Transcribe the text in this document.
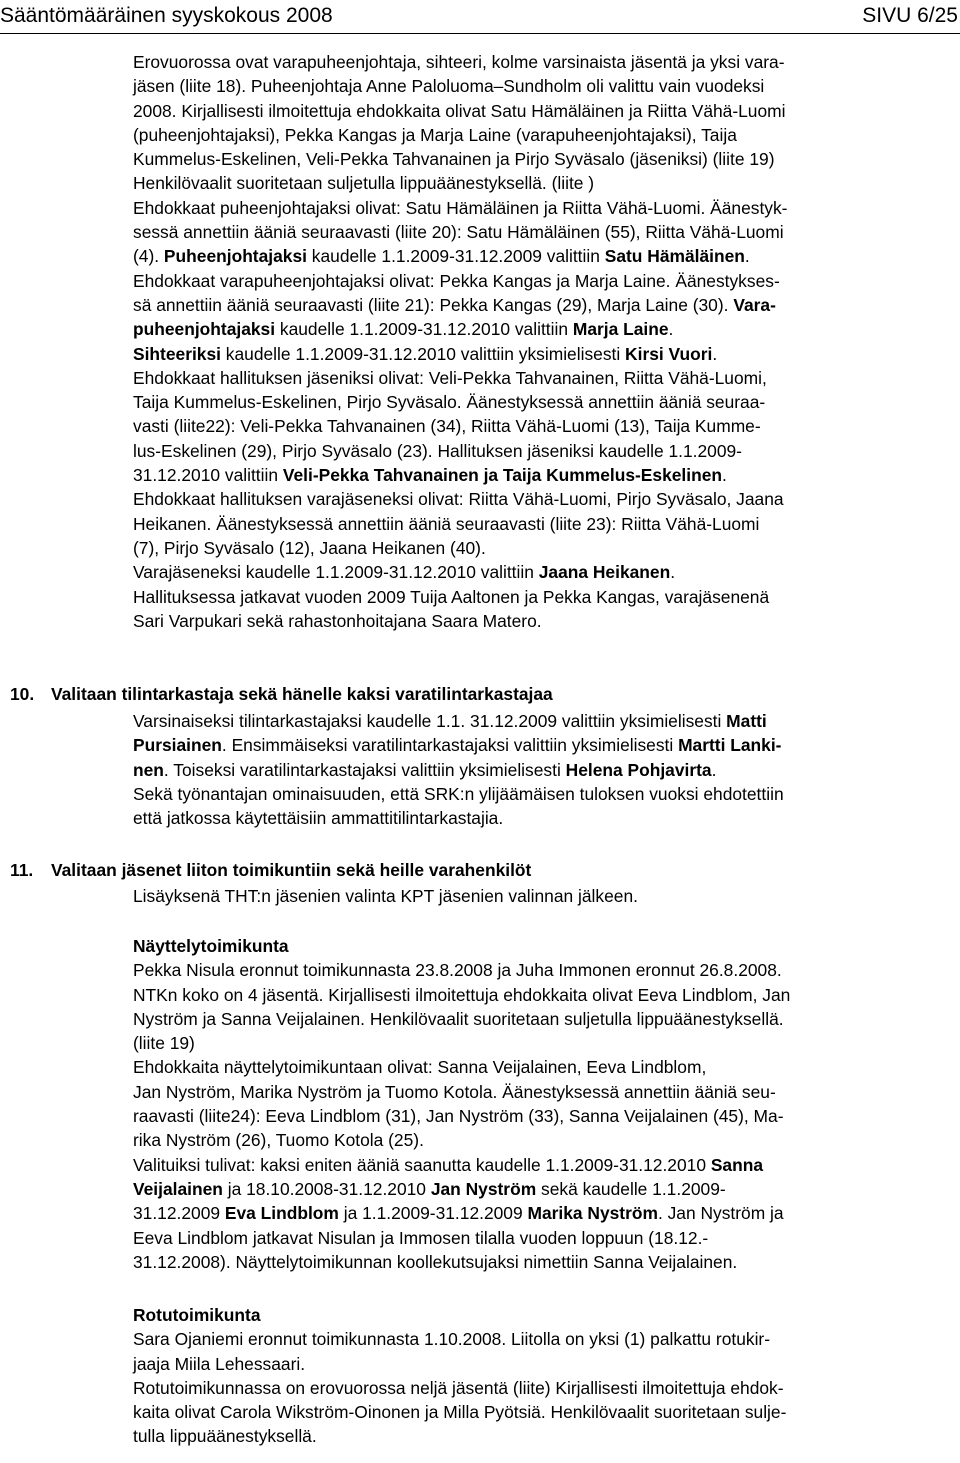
Sääntömääräinen syyskokous 2008	SIVU 6/25
Erovuorossa ovat varapuheenjohtaja, sihteeri, kolme varsinaista jäsentä ja yksi vara-
jäsen (liite 18). Puheenjohtaja Anne Paloluoma–Sundholm oli valittu vain vuodeksi
2008. Kirjallisesti ilmoitettuja ehdokkaita olivat Satu Hämäläinen ja Riitta Vähä-Luomi
(puheenjohtajaksi), Pekka Kangas ja Marja Laine (varapuheenjohtajaksi), Taija
Kummelus-Eskelinen, Veli-Pekka Tahvanainen ja Pirjo Syväsalo (jäseniksi) (liite 19)
Henkilövaalit suoritetaan suljetulla lippuäänestyksellä. (liite )
Ehdokkaat puheenjohtajaksi olivat: Satu Hämäläinen ja Riitta Vähä-Luomi. Äänestyk-
sessä annettiin ääniä seuraavasti (liite 20): Satu Hämäläinen (55), Riitta Vähä-Luomi
(4). Puheenjohtajaksi kaudelle 1.1.2009-31.12.2009 valittiin Satu Hämäläinen.
Ehdokkaat varapuheenjohtajaksi olivat: Pekka Kangas ja Marja Laine. Äänestykses-
sä annettiin ääniä seuraavasti (liite 21): Pekka Kangas (29), Marja Laine (30). Vara-
puheenjohtajaksi kaudelle 1.1.2009-31.12.2010 valittiin Marja Laine.
Sihteeriksi kaudelle 1.1.2009-31.12.2010 valittiin yksimielisesti Kirsi Vuori.
Ehdokkaat hallituksen jäseniksi olivat: Veli-Pekka Tahvanainen, Riitta Vähä-Luomi,
Taija Kummelus-Eskelinen, Pirjo Syväsalo. Äänestyksessä annettiin ääniä seuraa-
vasti (liite22): Veli-Pekka Tahvanainen (34), Riitta Vähä-Luomi (13), Taija Kumme-
lus-Eskelinen (29), Pirjo Syväsalo (23). Hallituksen jäseniksi kaudelle 1.1.2009-
31.12.2010 valittiin Veli-Pekka Tahvanainen ja Taija Kummelus-Eskelinen.
Ehdokkaat hallituksen varajäseneksi olivat: Riitta Vähä-Luomi, Pirjo Syväsalo, Jaana
Heikanen. Äänestyksessä annettiin ääniä seuraavasti (liite 23): Riitta Vähä-Luomi
(7), Pirjo Syväsalo (12), Jaana Heikanen (40).
Varajäseneksi kaudelle 1.1.2009-31.12.2010 valittiin Jaana Heikanen.
Hallituksessa jatkavat vuoden 2009 Tuija Aaltonen ja Pekka Kangas, varajäsenenä
Sari Varpukari sekä rahastonhoitajana Saara Matero.
10. Valitaan tilintarkastaja sekä hänelle kaksi varatilintarkastajaa
Varsinaiseksi tilintarkastajaksi kaudelle 1.1. 31.12.2009 valittiin yksimielisesti Matti
Pursiainen. Ensimmäiseksi varatilintarkastajaksi valittiin yksimielisesti Martti Lanki-
nen. Toiseksi varatilintarkastajaksi valittiin yksimielisesti Helena Pohjavirta.
Sekä työnantajan ominaisuuden, että SRK:n ylijäämäisen tuloksen vuoksi ehdotettiin
että jatkossa käytettäisiin ammattitilintarkastajia.
11. Valitaan jäsenet liiton toimikuntiin sekä heille varahenkilöt
Lisäyksenä THT:n jäsenien valinta KPT jäsenien valinnan jälkeen.
Näyttelytoimikunta
Pekka Nisula eronnut toimikunnasta 23.8.2008 ja Juha Immonen eronnut 26.8.2008.
NTKn koko on 4 jäsentä. Kirjallisesti ilmoitettuja ehdokkaita olivat Eeva Lindblom, Jan
Nyström ja Sanna Veijalainen. Henkilövaalit suoritetaan suljetulla lippuäänestyksellä.
(liite 19)
Ehdokkaita näyttelytoimikuntaan olivat: Sanna Veijalainen, Eeva Lindblom,
Jan Nyström, Marika Nyström ja Tuomo Kotola. Äänestyksessä annettiin ääniä seu-
raavasti (liite24): Eeva Lindblom (31), Jan Nyström (33), Sanna Veijalainen (45), Ma-
rika Nyström (26), Tuomo Kotola (25).
Valituiksi tulivat: kaksi eniten ääniä saanutta kaudelle 1.1.2009-31.12.2010 Sanna
Veijalainen ja 18.10.2008-31.12.2010 Jan Nyström sekä kaudelle 1.1.2009-
31.12.2009 Eva Lindblom ja 1.1.2009-31.12.2009 Marika Nyström. Jan Nyström ja
Eeva Lindblom jatkavat Nisulan ja Immosen tilalla vuoden loppuun (18.12.-
31.12.2008). Näyttelytoimikunnan koollekutsujaksi nimettiin Sanna Veijalainen.
Rotutoimikunta
Sara Ojaniemi eronnut toimikunnasta 1.10.2008. Liitolla on yksi (1) palkattu rotukir-
jaaja Miila Lehessaari.
Rotutoimikunnassa on erovuorossa neljä jäsentä (liite) Kirjallisesti ilmoitettuja ehdok-
kaita olivat Carola Wikström-Oinonen ja Milla Pyötsiä. Henkilövaalit suoritetaan sulje-
tulla lippuäänestyksellä.
